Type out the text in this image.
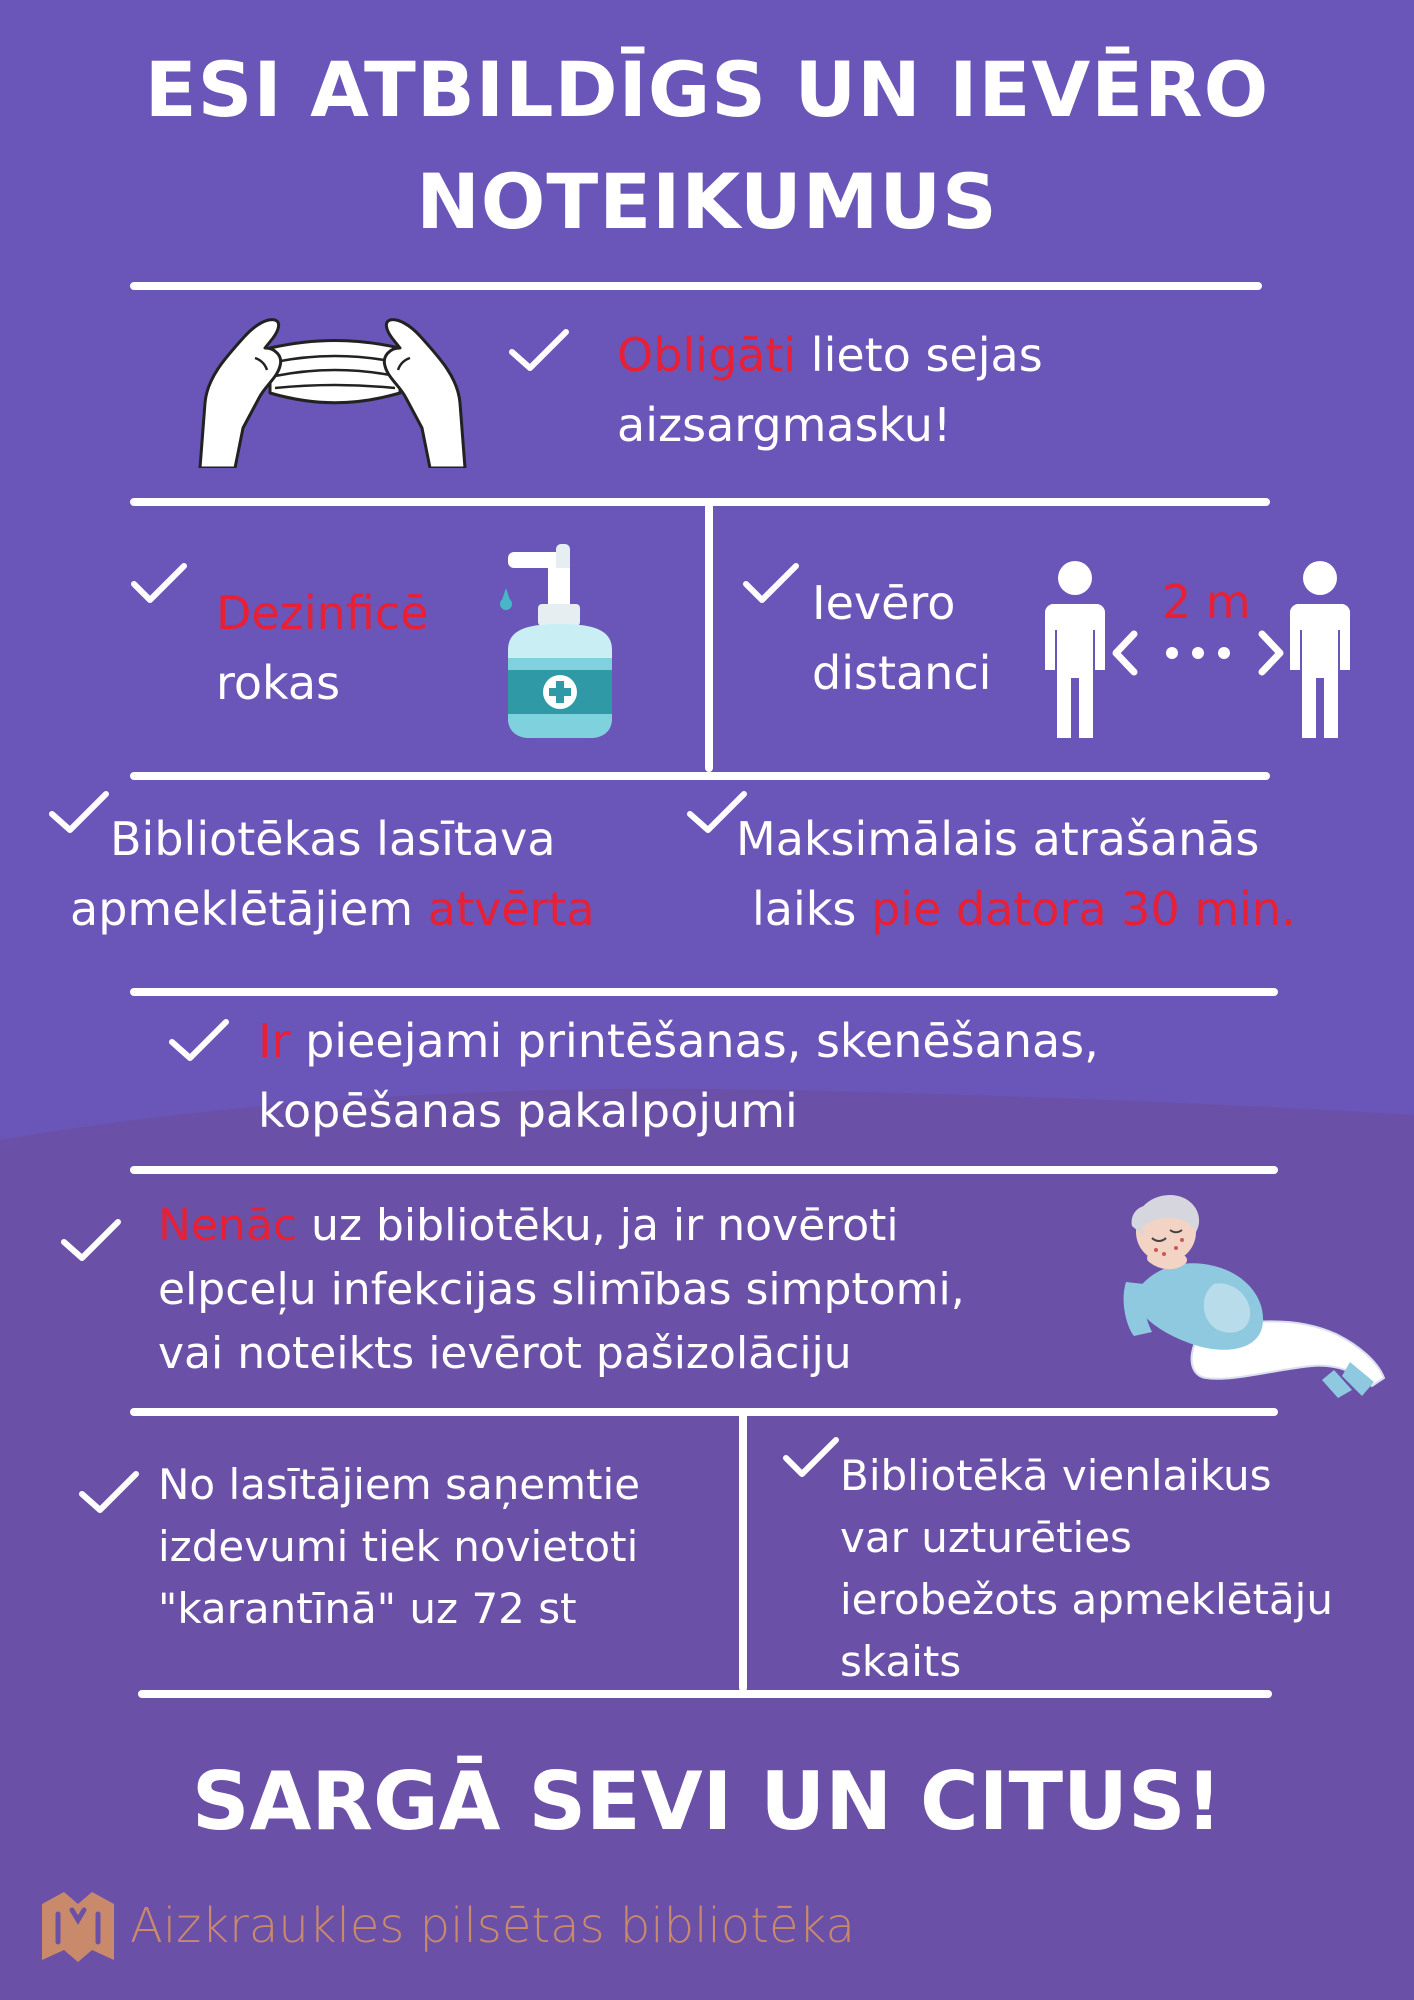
ESI ATBILDĪGS UN IEVĒRO
NOTEIKUMUS
Obligāti lieto sejas
aizsargmasku!
Dezinficē
rokas
Ievēro
distanci
2 m
Bibliotēkas lasītava
apmeklētājiem atvērta
Maksimālais atrašanās
laiks pie datora 30 min.
Ir pieejami printēšanas, skenēšanas,
kopēšanas pakalpojumi
Nenāc uz bibliotēku, ja ir novēroti
elpceļu infekcijas slimības simptomi,
vai noteikts ievērot pašizolāciju
No lasītājiem saņemtie
izdevumi tiek novietoti
"karantīnā" uz 72 st
Bibliotēkā vienlaikus
var uzturēties
ierobežots apmeklētāju
skaits
SARGĀ SEVI UN CITUS!
Aizkraukles pilsētas bibliotēka
